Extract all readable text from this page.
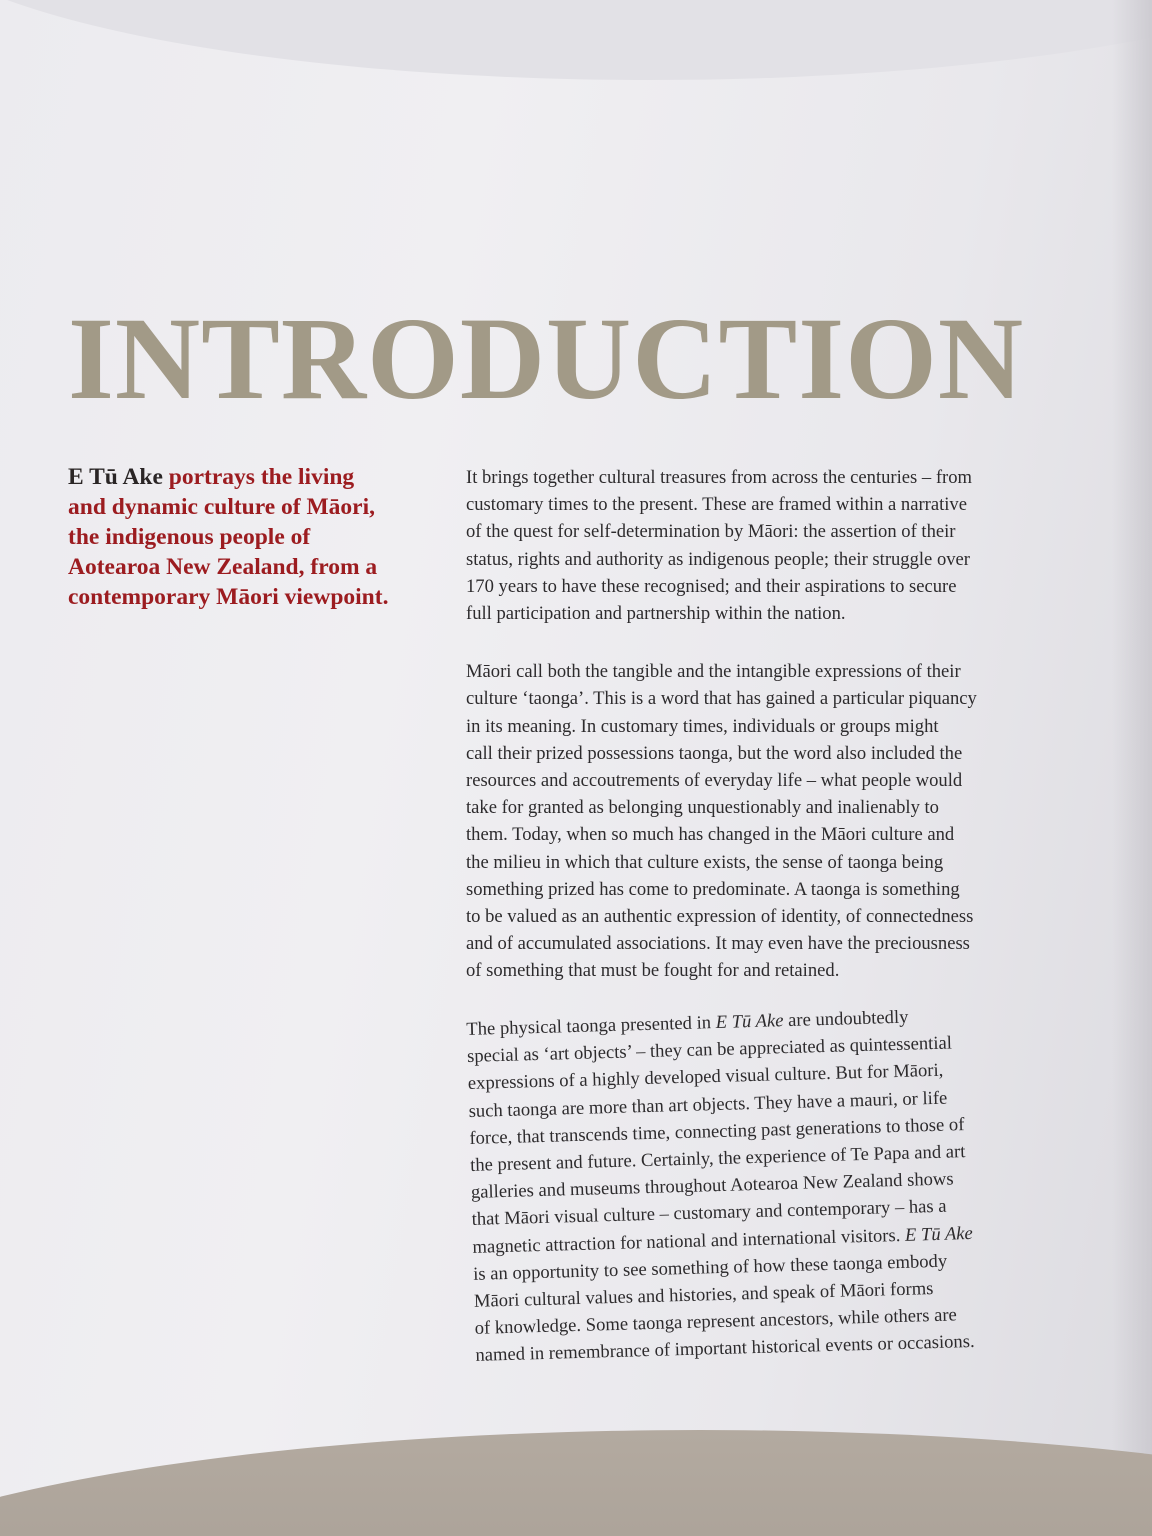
INTRODUCTION
E Tū Ake portrays the living
and dynamic culture of Māori,
the indigenous people of
Aotearoa New Zealand, from a
contemporary Māori viewpoint.

It brings together cultural treasures from across the centuries – from
customary times to the present. These are framed within a narrative
of the quest for self-determination by Māori: the assertion of their
status, rights and authority as indigenous people; their struggle over
170 years to have these recognised; and their aspirations to secure
full participation and partnership within the nation.

Māori call both the tangible and the intangible expressions of their
culture ‘taonga’. This is a word that has gained a particular piquancy
in its meaning. In customary times, individuals or groups might
call their prized possessions taonga, but the word also included the
resources and accoutrements of everyday life – what people would
take for granted as belonging unquestionably and inalienably to
them. Today, when so much has changed in the Māori culture and
the milieu in which that culture exists, the sense of taonga being
something prized has come to predominate. A taonga is something
to be valued as an authentic expression of identity, of connectedness
and of accumulated associations. It may even have the preciousness
of something that must be fought for and retained.

The physical taonga presented in E Tū Ake are undoubtedly
special as ‘art objects’ – they can be appreciated as quintessential
expressions of a highly developed visual culture. But for Māori,
such taonga are more than art objects. They have a mauri, or life
force, that transcends time, connecting past generations to those of
the present and future. Certainly, the experience of Te Papa and art
galleries and museums throughout Aotearoa New Zealand shows
that Māori visual culture – customary and contemporary – has a
magnetic attraction for national and international visitors. E Tū Ake
is an opportunity to see something of how these taonga embody
Māori cultural values and histories, and speak of Māori forms
of knowledge. Some taonga represent ancestors, while others are
named in remembrance of important historical events or occasions.
